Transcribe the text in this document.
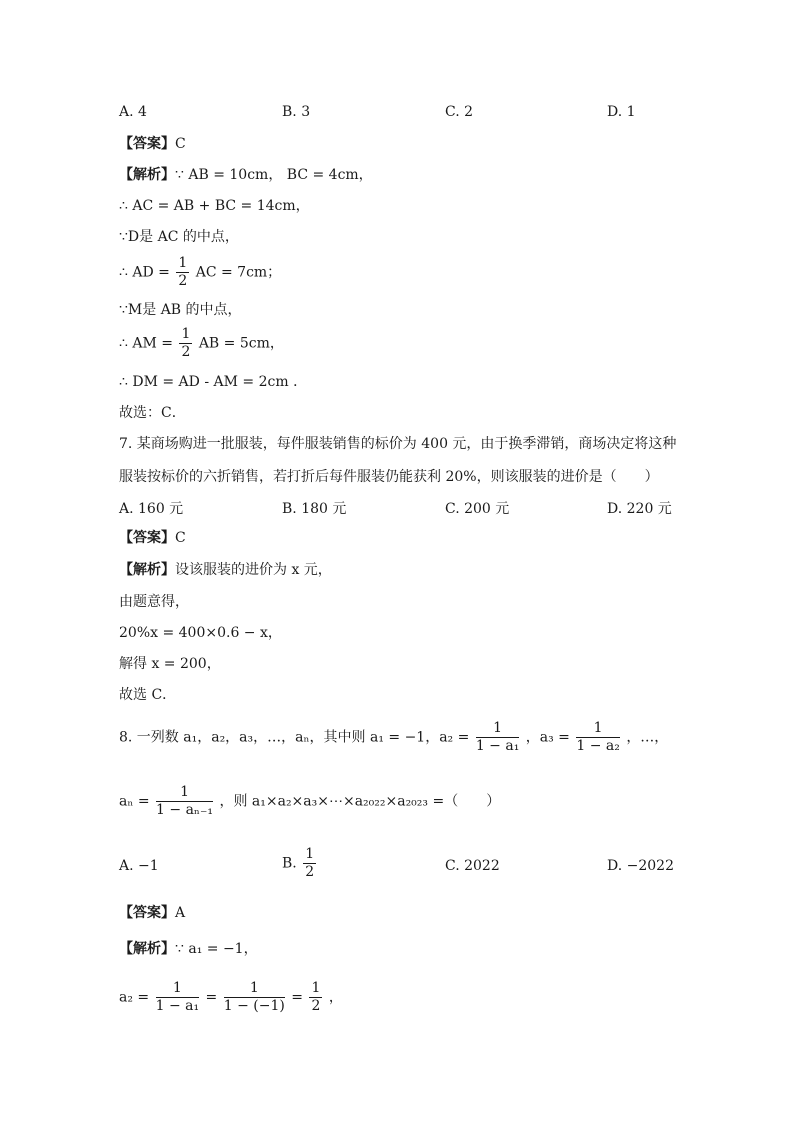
A. 4	B. 3	C. 2	D. 1
【答案】C
【解析】∵ AB = 10cm， BC = 4cm，
∴ AC = AB + BC = 14cm，
∵D是 AC 的中点，
∴ AD = $\frac{1}{2}$ AC = 7cm；
∵M是 AB 的中点，
∴ AM = $\frac{1}{2}$ AB = 5cm，
∴ DM = AD - AM = 2cm ．
故选：C．
7. 某商场购进一批服装，每件服装销售的标价为 400 元，由于换季滞销，商场决定将这种
服装按标价的六折销售，若打折后每件服装仍能获利 20%，则该服装的进价是（　　）
A. 160 元	B. 180 元	C. 200 元	D. 220 元
【答案】C
【解析】设该服装的进价为 x 元，
由题意得，
20%x = 400×0.6 − x，
解得 x = 200，
故选 C．
8. 一列数 a₁，a₂，a₃，…，aₙ，其中则 a₁ = −1，$a_2 = \frac{1}{\text{1 − a₁}}$ ，$a_3 = \frac{1}{\text{1 − a₂}}$ ，…，
$a_n = \frac{1}{\text{1 − aₙ₋₁}}$ ，则 a₁×a₂×a₃×⋯×a₂₀₂₂×a₂₀₂₃ =（　　）
A. −1	B. $\frac{1}{2}$	C. 2022	D. −2022
【答案】A
【解析】∵ a₁ = −1，
$a_2 = \frac{1}{\text{1 − a₁}} = \frac{1}{1 - (-1)} = \frac{1}{2}$ ，
